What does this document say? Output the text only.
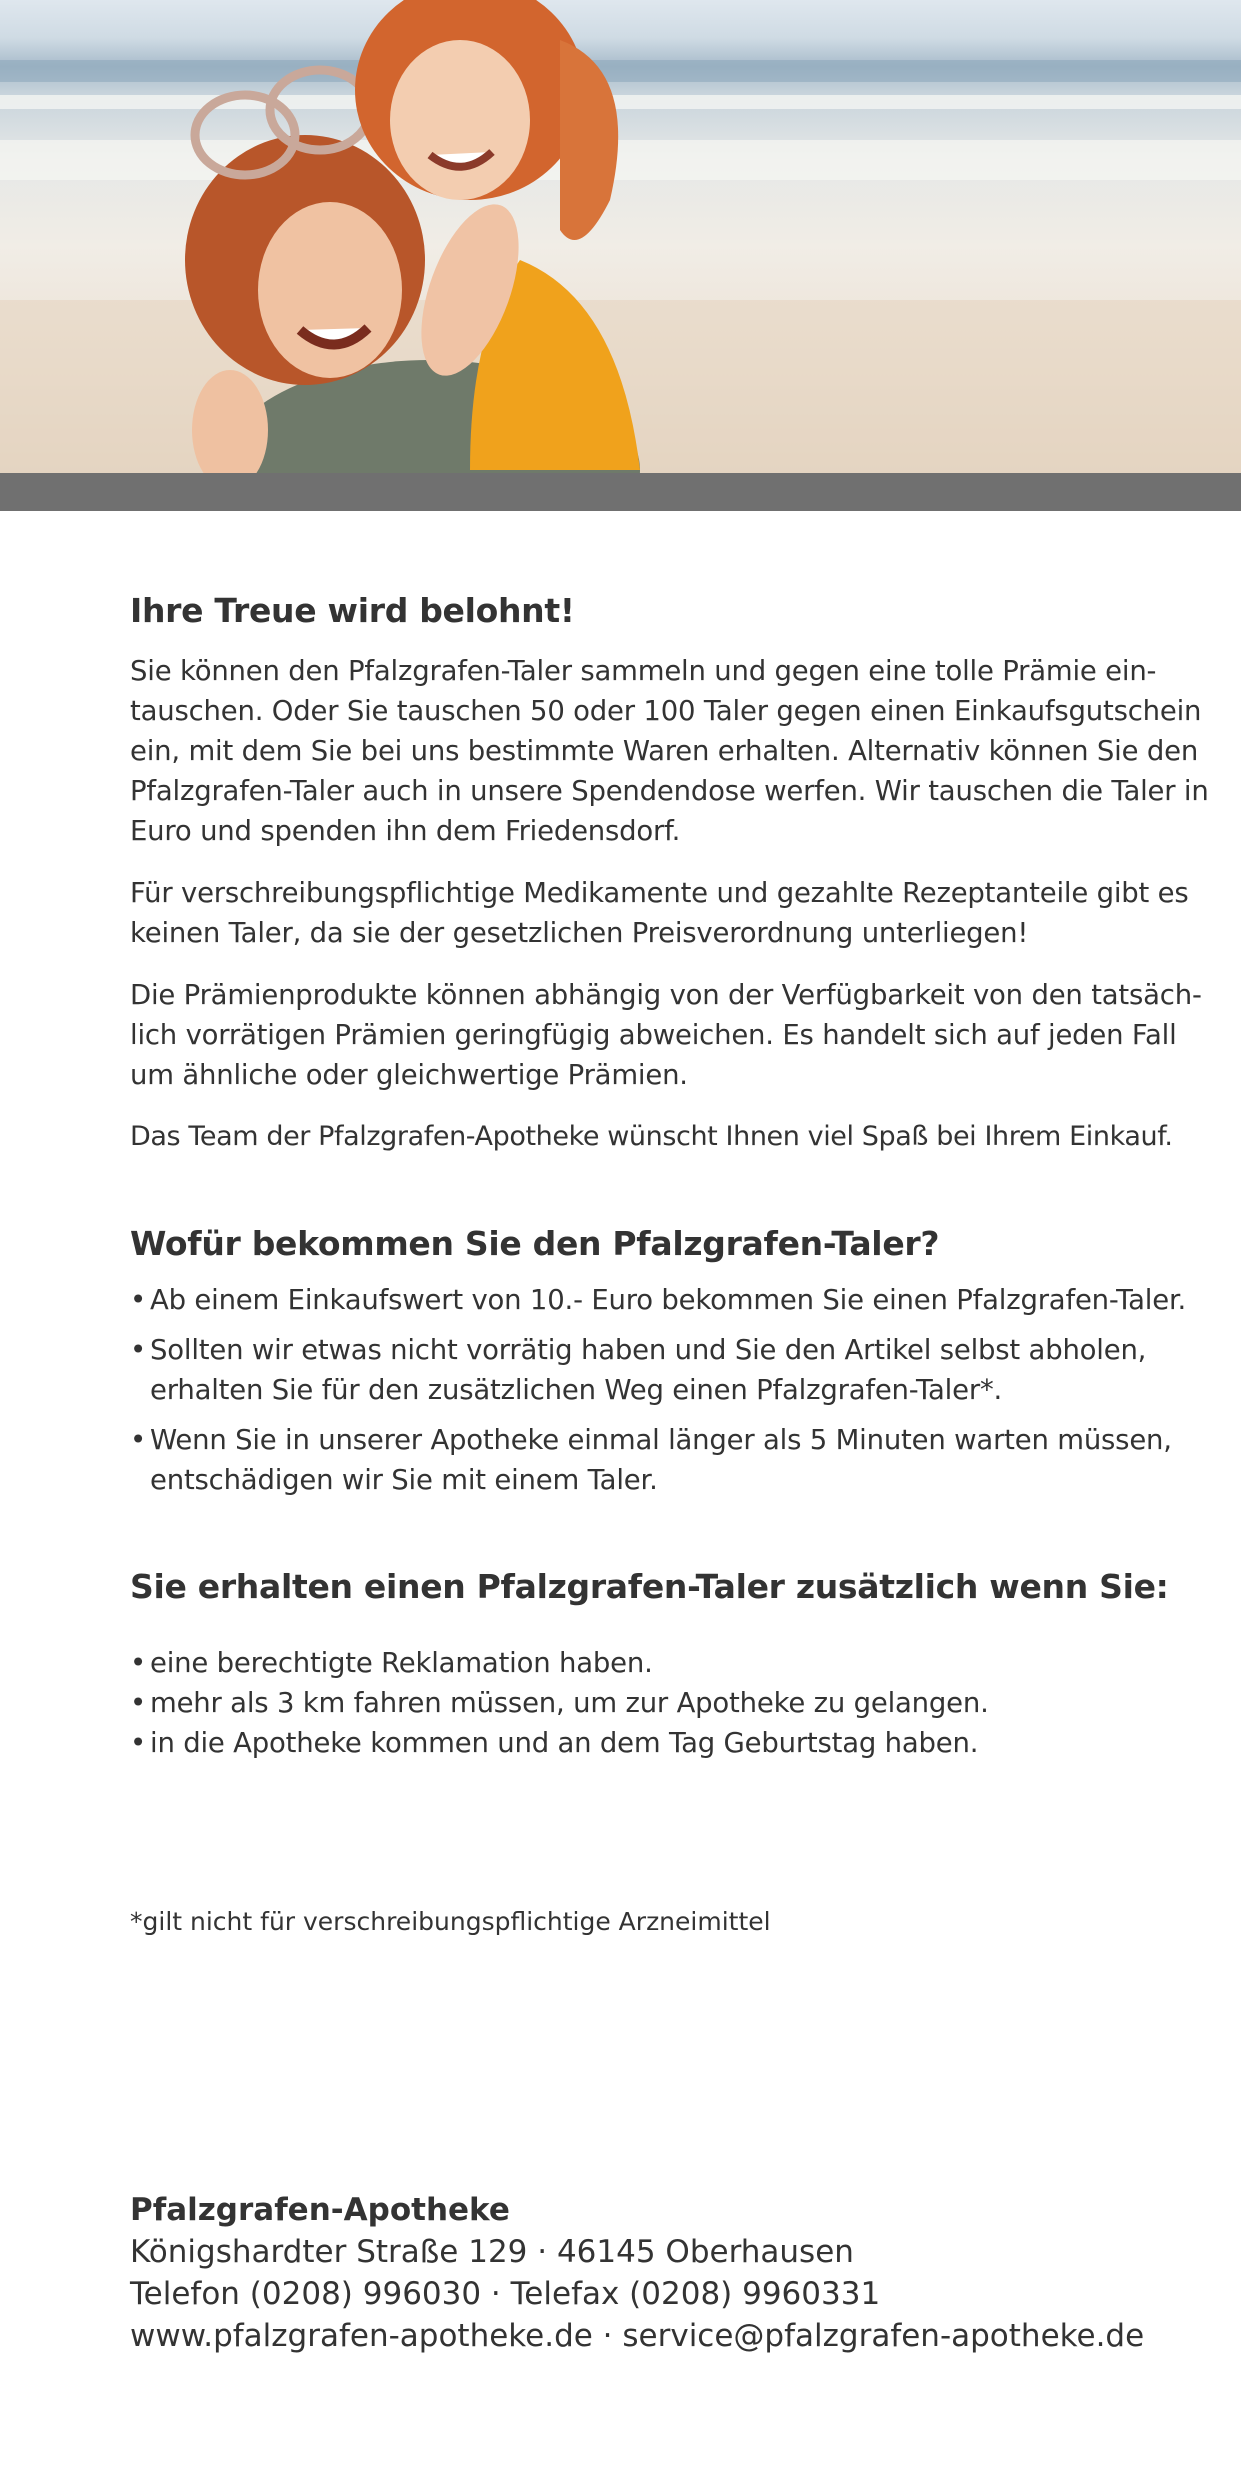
Ihre Treue wird belohnt!

Sie können den Pfalzgrafen-Taler sammeln und gegen eine tolle Prämie ein-tauschen. Oder Sie tauschen 50 oder 100 Taler gegen einen Einkaufsgutschein ein, mit dem Sie bei uns bestimmte Waren erhalten. Alternativ können Sie den Pfalzgrafen-Taler auch in unsere Spendendose werfen. Wir tauschen die Taler in Euro und spenden ihn dem Friedensdorf.

Für verschreibungspflichtige Medikamente und gezahlte Rezeptanteile gibt es keinen Taler, da sie der gesetzlichen Preisverordnung unterliegen!

Die Prämienprodukte können abhängig von der Verfügbarkeit von den tatsäch-lich vorrätigen Prämien geringfügig abweichen. Es handelt sich auf jeden Fall um ähnliche oder gleichwertige Prämien.

Das Team der Pfalzgrafen-Apotheke wünscht Ihnen viel Spaß bei Ihrem Einkauf.

Wofür bekommen Sie den Pfalzgrafen-Taler?
• Ab einem Einkaufswert von 10.- Euro bekommen Sie einen Pfalzgrafen-Taler.
• Sollten wir etwas nicht vorrätig haben und Sie den Artikel selbst abholen, erhalten Sie für den zusätzlichen Weg einen Pfalzgrafen-Taler*.
• Wenn Sie in unserer Apotheke einmal länger als 5 Minuten warten müssen, entschädigen wir Sie mit einem Taler.
Sie erhalten einen Pfalzgrafen-Taler zusätzlich wenn Sie:
• eine berechtigte Reklamation haben.
• mehr als 3 km fahren müssen, um zur Apotheke zu gelangen.
• in die Apotheke kommen und an dem Tag Geburtstag haben.
*gilt nicht für verschreibungspflichtige Arzneimittel
Pfalzgrafen-Apotheke
Königshardter Straße 129 · 46145 Oberhausen
Telefon (0208) 996030 · Telefax (0208) 9960331
www.pfalzgrafen-apotheke.de · service@pfalzgrafen-apotheke.de
